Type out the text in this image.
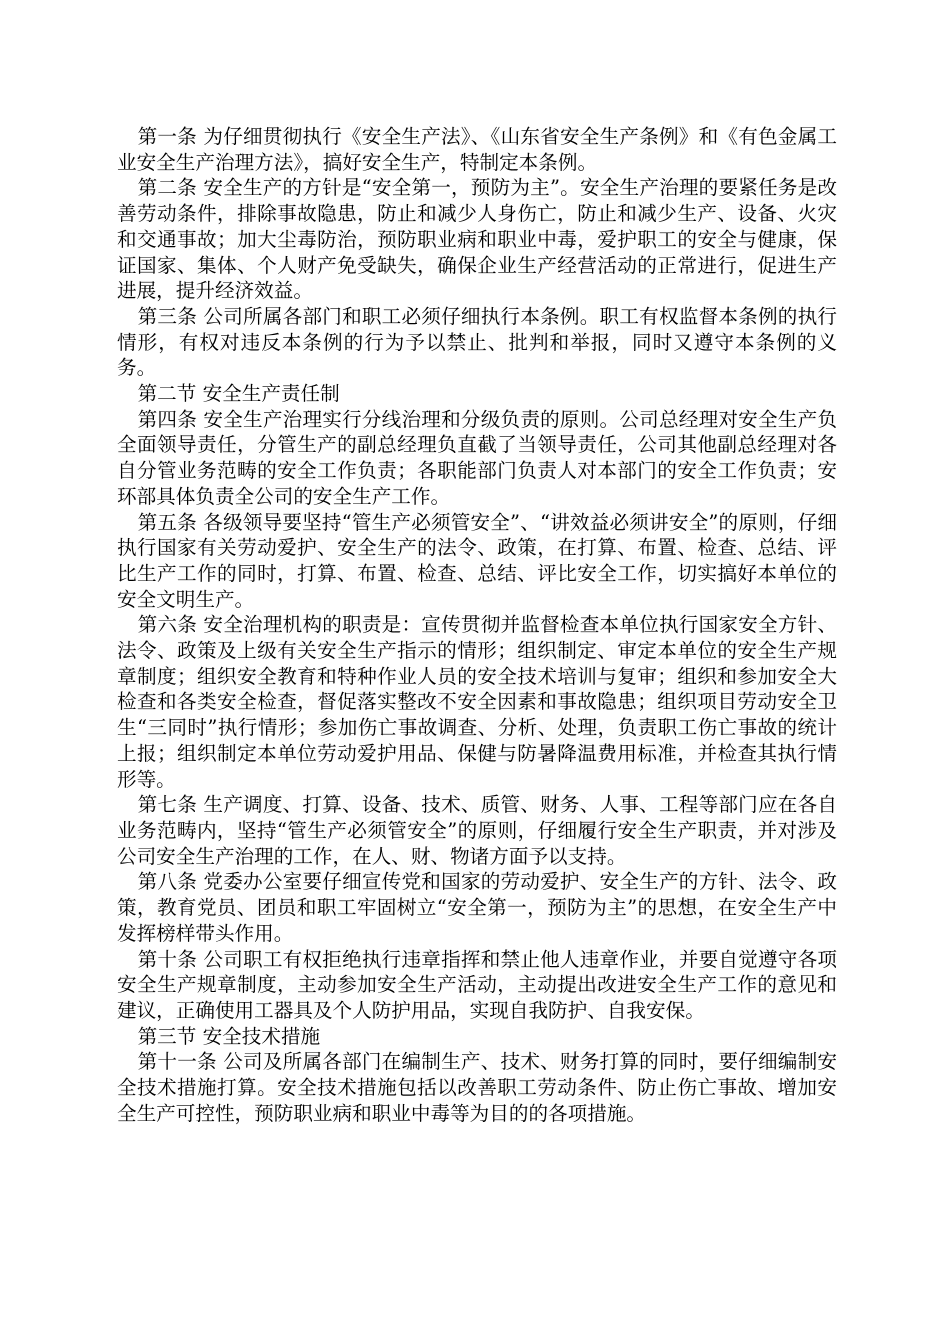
第一条 为仔细贯彻执行《安全生产法》、《山东省安全生产条例》和《有色金属工业安全生产治理方法》，搞好安全生产，特制定本条例。

第二条 安全生产的方针是“安全第一，预防为主”。安全生产治理的要紧任务是改善劳动条件，排除事故隐患，防止和减少人身伤亡，防止和减少生产、设备、火灾和交通事故；加大尘毒防治，预防职业病和职业中毒，爱护职工的安全与健康，保证国家、集体、个人财产免受缺失，确保企业生产经营活动的正常进行，促进生产进展，提升经济效益。

第三条 公司所属各部门和职工必须仔细执行本条例。职工有权监督本条例的执行情形，有权对违反本条例的行为予以禁止、批判和举报，同时又遵守本条例的义务。

第二节 安全生产责任制

第四条 安全生产治理实行分线治理和分级负责的原则。公司总经理对安全生产负全面领导责任，分管生产的副总经理负直截了当领导责任，公司其他副总经理对各自分管业务范畴的安全工作负责；各职能部门负责人对本部门的安全工作负责；安环部具体负责全公司的安全生产工作。

第五条 各级领导要坚持“管生产必须管安全”、“讲效益必须讲安全”的原则，仔细执行国家有关劳动爱护、安全生产的法令、政策，在打算、布置、检查、总结、评比生产工作的同时，打算、布置、检查、总结、评比安全工作，切实搞好本单位的安全文明生产。

第六条 安全治理机构的职责是：宣传贯彻并监督检查本单位执行国家安全方针、法令、政策及上级有关安全生产指示的情形；组织制定、审定本单位的安全生产规章制度；组织安全教育和特种作业人员的安全技术培训与复审；组织和参加安全大检查和各类安全检查，督促落实整改不安全因素和事故隐患；组织项目劳动安全卫生“三同时”执行情形；参加伤亡事故调查、分析、处理，负责职工伤亡事故的统计上报；组织制定本单位劳动爱护用品、保健与防暑降温费用标准，并检查其执行情形等。

第七条 生产调度、打算、设备、技术、质管、财务、人事、工程等部门应在各自业务范畴内，坚持“管生产必须管安全”的原则，仔细履行安全生产职责，并对涉及公司安全生产治理的工作，在人、财、物诸方面予以支持。

第八条 党委办公室要仔细宣传党和国家的劳动爱护、安全生产的方针、法令、政策，教育党员、团员和职工牢固树立“安全第一，预防为主”的思想，在安全生产中发挥榜样带头作用。

第十条 公司职工有权拒绝执行违章指挥和禁止他人违章作业，并要自觉遵守各项安全生产规章制度，主动参加安全生产活动，主动提出改进安全生产工作的意见和建议，正确使用工器具及个人防护用品，实现自我防护、自我安保。

第三节 安全技术措施

第十一条 公司及所属各部门在编制生产、技术、财务打算的同时，要仔细编制安全技术措施打算。安全技术措施包括以改善职工劳动条件、防止伤亡事故、增加安全生产可控性，预防职业病和职业中毒等为目的的各项措施。
